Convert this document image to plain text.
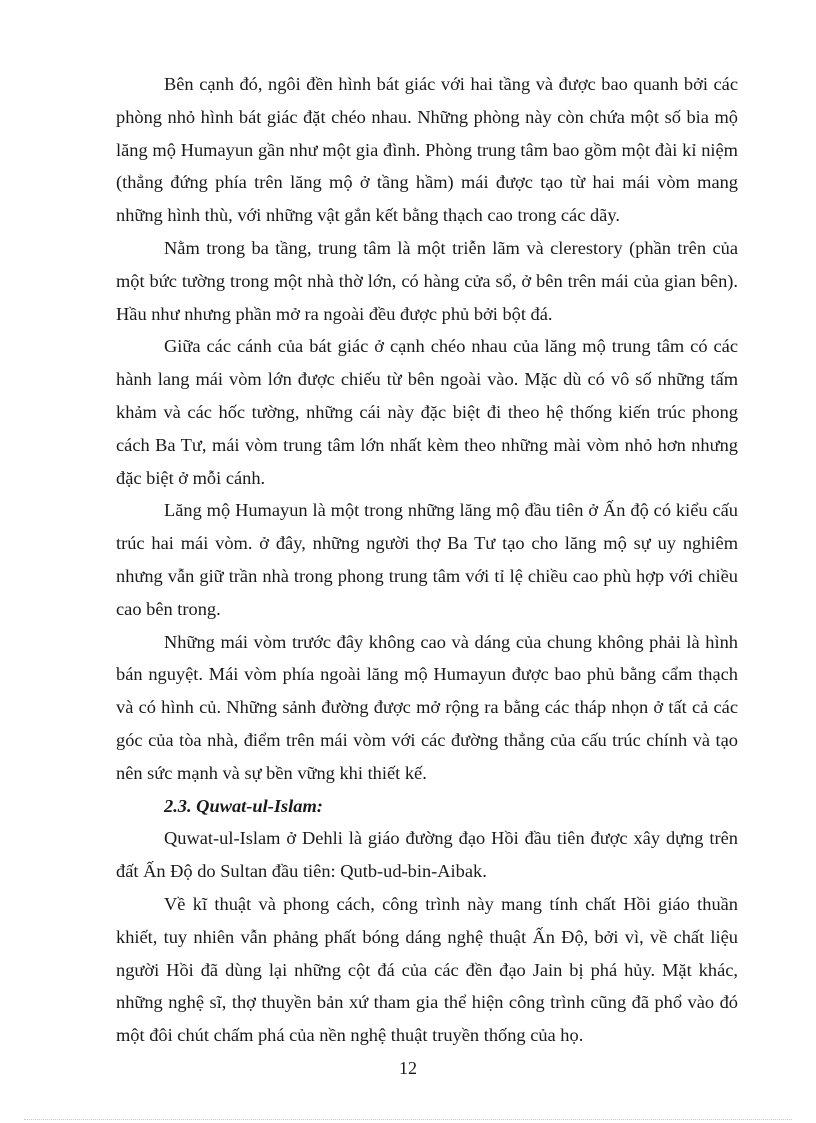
Bên cạnh đó, ngôi đền hình bát giác với hai tầng và được bao quanh bởi các phòng nhỏ hình bát giác đặt chéo nhau. Những phòng này còn chứa một số bia mộ lăng mộ Humayun gần như một gia đình. Phòng trung tâm bao gồm một đài kỉ niệm (thẳng đứng phía trên lăng mộ ở tầng hầm) mái được tạo từ hai mái vòm mang những hình thù, với những vật gắn kết bằng thạch cao trong các dãy.

Nằm trong ba tầng, trung tâm là một triễn lãm và clerestory (phần trên của một bức tường trong một nhà thờ lớn, có hàng cửa sổ, ở bên trên mái của gian bên). Hầu như nhưng phần mở ra ngoài đều được phủ bởi bột đá.

Giữa các cánh của bát giác ở cạnh chéo nhau của lăng mộ trung tâm có các hành lang mái vòm lớn được chiếu từ bên ngoài vào. Mặc dù có vô số những tấm khảm và các hốc tường, những cái này đặc biệt đi theo hệ thống kiến trúc phong cách Ba Tư, mái vòm trung tâm lớn nhất kèm theo những mài vòm nhỏ hơn nhưng đặc biệt ở mỗi cánh.

Lăng mộ Humayun là một trong những lăng mộ đầu tiên ở Ấn độ có kiểu cấu trúc hai mái vòm. ở đây, những người thợ Ba Tư tạo cho lăng mộ sự uy nghiêm nhưng vẫn giữ trần nhà trong phong trung tâm với tỉ lệ chiều cao phù hợp với chiều cao bên trong.

Những mái vòm trước đây không cao và dáng của chung không phải là hình bán nguyệt. Mái vòm phía ngoài lăng mộ Humayun được bao phủ bằng cẩm thạch và có hình củ. Những sảnh đường được mở rộng ra bằng các tháp nhọn ở tất cả các góc của tòa nhà, điểm trên mái vòm với các đường thẳng của cấu trúc chính và tạo nên sức mạnh và sự bền vững khi thiết kế.

2.3. Quwat-ul-Islam:

Quwat-ul-Islam ở Dehli là giáo đường đạo Hồi đầu tiên được xây dựng trên đất Ấn Độ do Sultan đầu tiên: Qutb-ud-bin-Aibak.

Về kĩ thuật và phong cách, công trình này mang tính chất Hồi giáo thuần khiết, tuy nhiên vẫn phảng phất bóng dáng nghệ thuật Ấn Độ, bởi vì, về chất liệu người Hồi đã dùng lại những cột đá của các đền đạo Jain bị phá hủy. Mặt khác, những nghệ sĩ, thợ thuyền bản xứ tham gia thể hiện công trình cũng đã phổ vào đó một đôi chút chấm phá của nền nghệ thuật truyền thống của họ.

12
